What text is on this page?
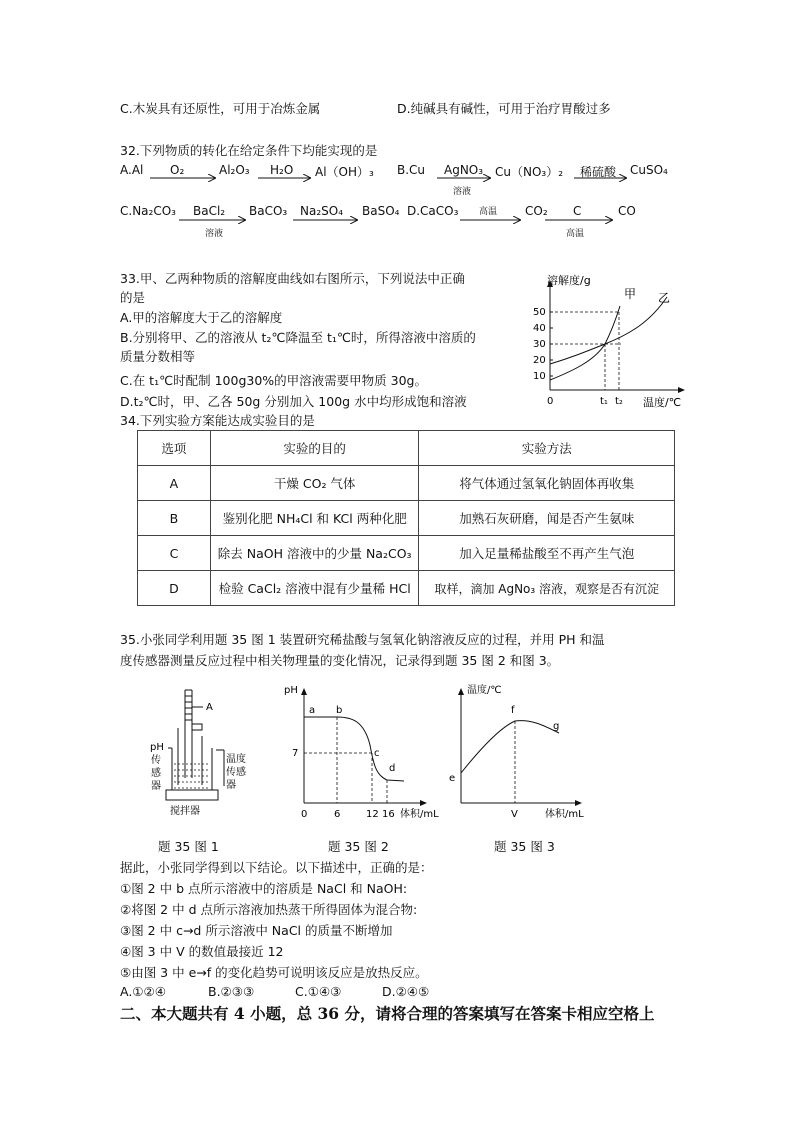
C.木炭具有还原性，可用于冶炼金属	D.纯碱具有碱性，可用于治疗胃酸过多
32.下列物质的转化在给定条件下均能实现的是
A.Al O₂	Al₂O₃ H₂O Al（OH）₃ B.Cu AgNO₃
溶液
Cu（NO₃）₂ 稀硫酸 CuSO₄
C.Na₂CO₃ BaCl₂
溶液
BaCO₃ Na₂SO₄ BaSO₄ D.CaCO₃ 高温 CO₂ C
高温
CO
33.甲、乙两种物质的溶解度曲线如右图所示，下列说法中正确
的是
A.甲的溶解度大于乙的溶解度
B.分别将甲、乙的溶液从 t₂℃降温至 t₁℃时，所得溶液中溶质的
质量分数相等
C.在 t₁℃时配制 100g30%的甲溶液需要甲物质 30g。
D.t₂℃时，甲、乙各 50g 分别加入 100g 水中均形成饱和溶液
溶解度/g
50
40
30
20
10
0	t₁ t₂ 温度/℃
甲 乙
34.下列实验方案能达成实验目的是
选项	实验的目的	实验方法
A	干燥 CO₂ 气体	将气体通过氢氧化钠固体再收集
B	鉴别化肥 NH₄Cl 和 KCl 两种化肥	加熟石灰研磨，闻是否产生氨味
C	除去 NaOH 溶液中的少量 Na₂CO₃	加入足量稀盐酸至不再产生气泡
D	检验 CaCl₂ 溶液中混有少量稀 HCl	取样，滴加 AgNo₃ 溶液，观察是否有沉淀
35.小张同学利用题 35 图 1 装置研究稀盐酸与氢氧化钠溶液反应的过程，并用 PH 和温
度传感器测量反应过程中相关物理量的变化情况，记录得到题 35 图 2 和图 3。
A
pH
传
感
器
温度
传感
器
搅拌器
pH
a b
c
d
7
0	6	12 16 体积/mL
温度/℃
e
f
g
V	体积/mL
题 35 图 1	题 35 图 2	题 35 图 3
据此，小张同学得到以下结论。以下描述中，正确的是：
①图 2 中 b 点所示溶液中的溶质是 NaCl 和 NaOH:
②将图 2 中 d 点所示溶液加热蒸干所得固体为混合物:
③图 2 中 c→d 所示溶液中 NaCl 的质量不断增加
④图 3 中 V 的数值最接近 12
⑤由图 3 中 e→f 的变化趋势可说明该反应是放热反应。
A.①②④	B.②③③	C.①④③	D.②④⑤
二、本大题共有 4 小题，总 36 分，请将合理的答案填写在答案卡相应空格上
